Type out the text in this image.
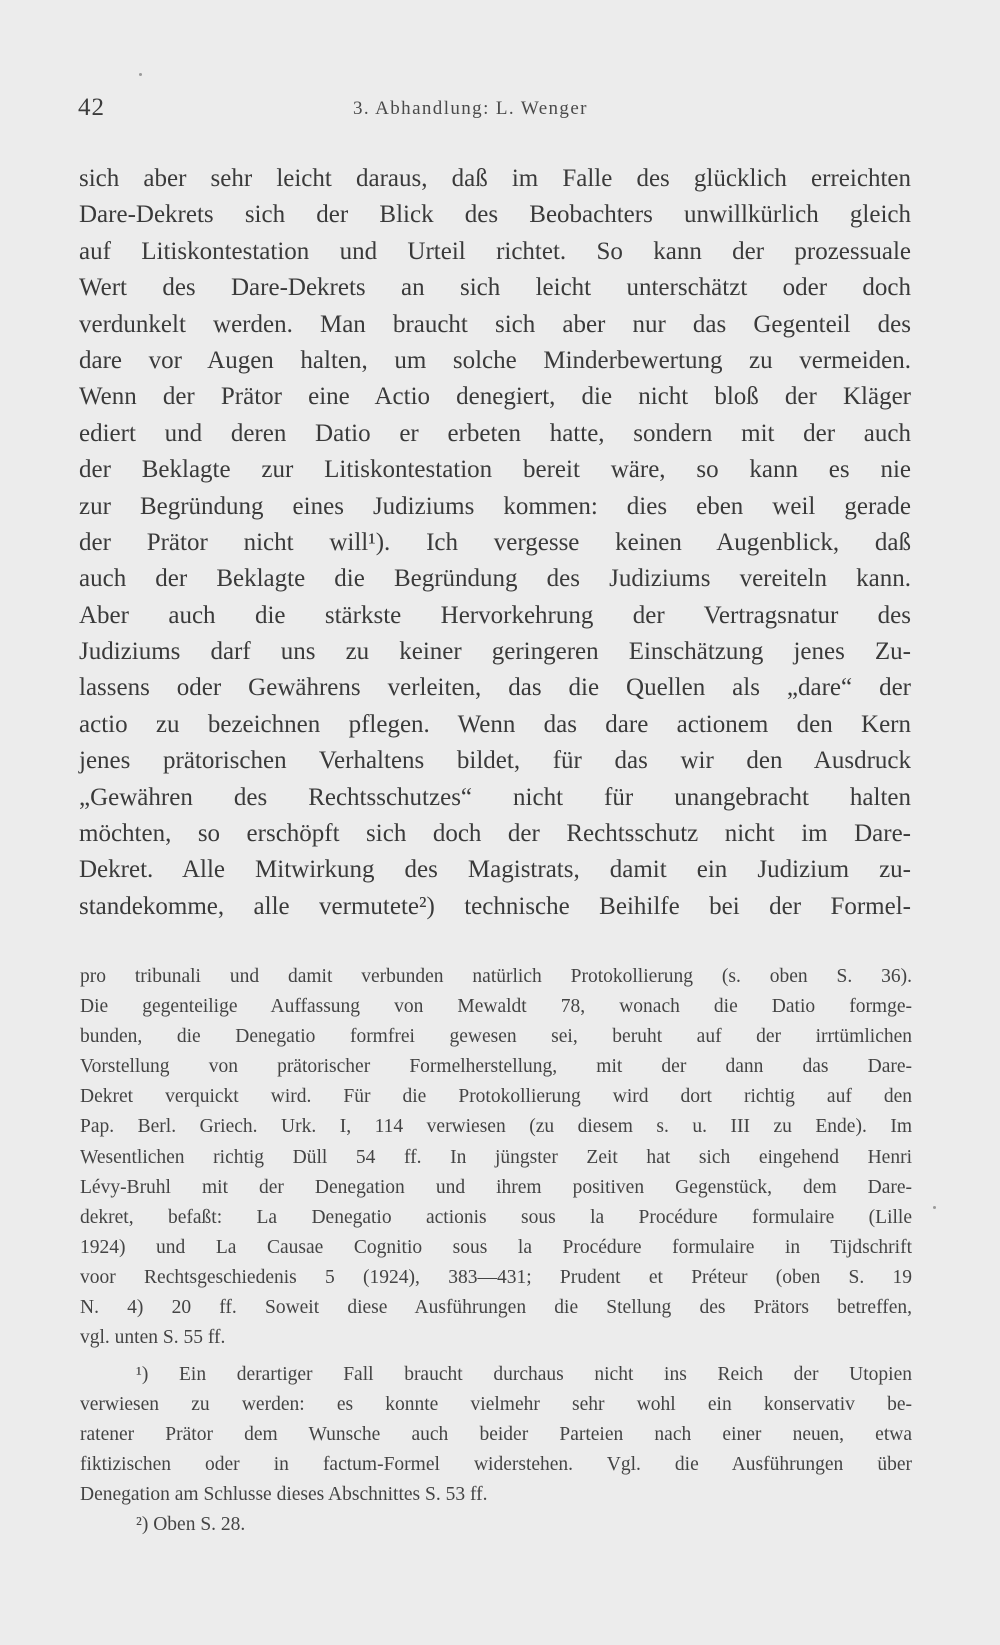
42	3. Abhandlung: L. Wenger
sich aber sehr leicht daraus, daß im Falle des glücklich erreichten
Dare-Dekrets sich der Blick des Beobachters unwillkürlich gleich
auf Litiskontestation und Urteil richtet. So kann der prozessuale
Wert des Dare-Dekrets an sich leicht unterschätzt oder doch
verdunkelt werden. Man braucht sich aber nur das Gegenteil des
dare vor Augen halten, um solche Minderbewertung zu vermeiden.
Wenn der Prätor eine Actio denegiert, die nicht bloß der Kläger
ediert und deren Datio er erbeten hatte, sondern mit der auch
der Beklagte zur Litiskontestation bereit wäre, so kann es nie
zur Begründung eines Judiziums kommen: dies eben weil gerade
der Prätor nicht will¹). Ich vergesse keinen Augenblick, daß
auch der Beklagte die Begründung des Judiziums vereiteln kann.
Aber auch die stärkste Hervorkehrung der Vertragsnatur des
Judiziums darf uns zu keiner geringeren Einschätzung jenes Zu-
lassens oder Gewährens verleiten, das die Quellen als „dare“ der
actio zu bezeichnen pflegen. Wenn das dare actionem den Kern
jenes prätorischen Verhaltens bildet, für das wir den Ausdruck
„Gewähren des Rechtsschutzes“ nicht für unangebracht halten
möchten, so erschöpft sich doch der Rechtsschutz nicht im Dare-
Dekret. Alle Mitwirkung des Magistrats, damit ein Judizium zu-
standekomme, alle vermutete²) technische Beihilfe bei der Formel-
pro tribunali und damit verbunden natürlich Protokollierung (s. oben S. 36).
Die gegenteilige Auffassung von Mewaldt 78, wonach die Datio formge-
bunden, die Denegatio formfrei gewesen sei, beruht auf der irrtümlichen
Vorstellung von prätorischer Formelherstellung, mit der dann das Dare-
Dekret verquickt wird. Für die Protokollierung wird dort richtig auf den
Pap. Berl. Griech. Urk. I, 114 verwiesen (zu diesem s. u. III zu Ende). Im
Wesentlichen richtig Düll 54 ff. In jüngster Zeit hat sich eingehend Henri
Lévy-Bruhl mit der Denegation und ihrem positiven Gegenstück, dem Dare-
dekret, befaßt: La Denegatio actionis sous la Procédure formulaire (Lille
1924) und La Causae Cognitio sous la Procédure formulaire in Tijdschrift
voor Rechtsgeschiedenis 5 (1924), 383—431; Prudent et Préteur (oben S. 19
N. 4) 20 ff. Soweit diese Ausführungen die Stellung des Prätors betreffen,
vgl. unten S. 55 ff.
¹) Ein derartiger Fall braucht durchaus nicht ins Reich der Utopien
verwiesen zu werden: es konnte vielmehr sehr wohl ein konservativ be-
ratener Prätor dem Wunsche auch beider Parteien nach einer neuen, etwa
fiktizischen oder in factum-Formel widerstehen. Vgl. die Ausführungen über
Denegation am Schlusse dieses Abschnittes S. 53 ff.
²) Oben S. 28.
